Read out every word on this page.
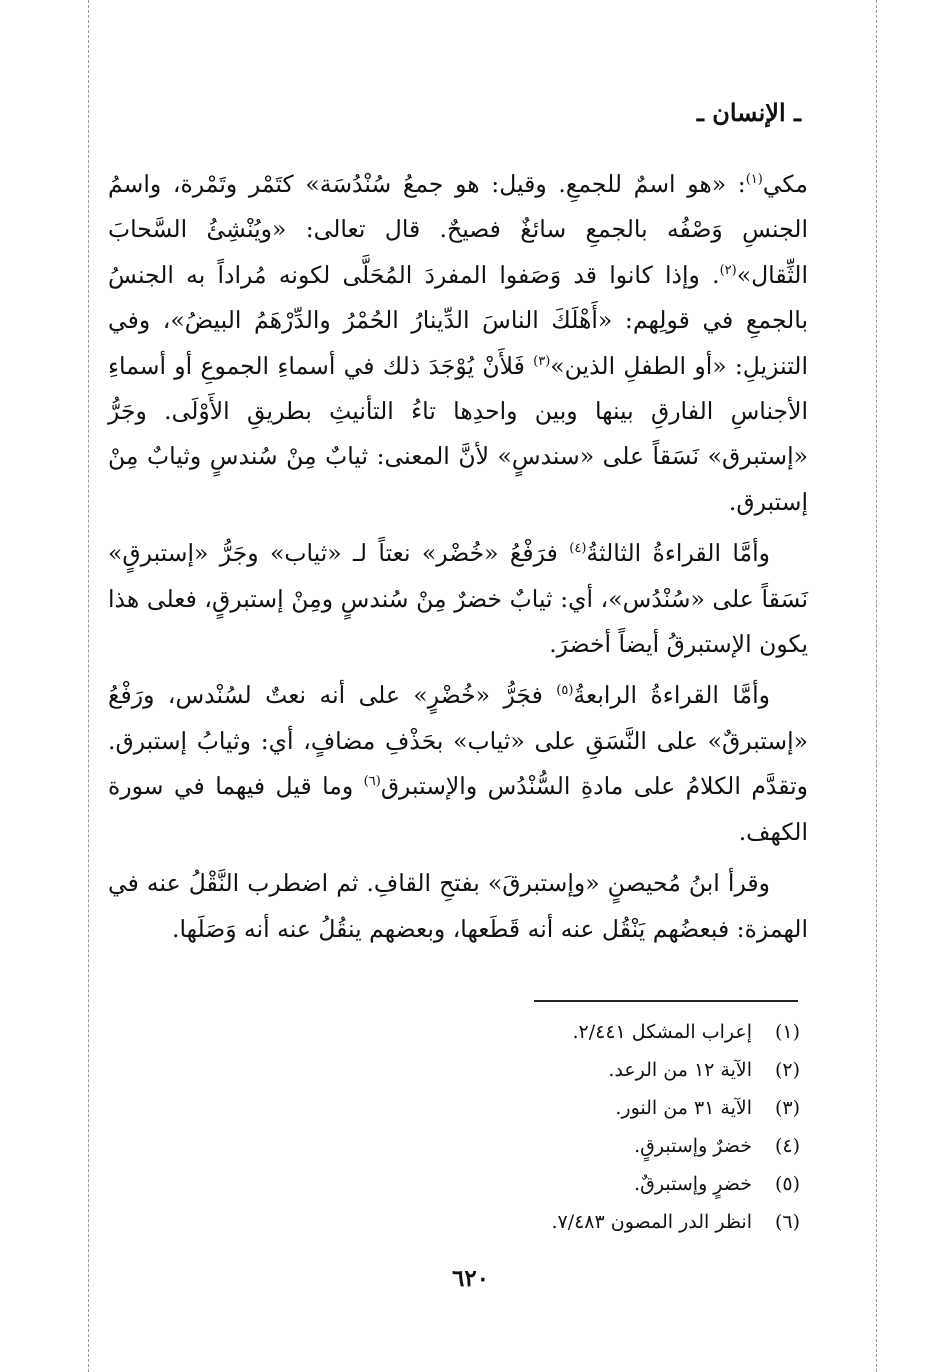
ـ الإنسان ـ

مكي$^{(١)}$: «هو اسمٌ للجمعِ. وقيل: هو جمعُ سُنْدُسَة» كتَمْر وتَمْرة، واسمُ الجنسِ وَصْفُه بالجمعِ سائغٌ فصيحٌ. قال تعالى: «ويُنْشِئُ السَّحابَ الثِّقال»$^{(٢)}$. وإذا كانوا قد وَصَفوا المفردَ المُحَلَّى لكونه مُراداً به الجنسُ بالجمعِ في قولِهم: «أَهْلَكَ الناسَ الدِّينارُ الحُمْرُ والدِّرْهَمُ البيضُ»، وفي التنزيلِ: «أو الطفلِ الذين»$^{(٣)}$ فَلأَنْ يُوْجَدَ ذلك في أسماءِ الجموعِ أو أسماءِ الأجناسِ الفارقِ بينها وبين واحدِها تاءُ التأنيثِ بطريقِ الأَوْلَى. وجَرُّ «إستبرق» نَسَقاً على «سندسٍ» لأنَّ المعنى: ثيابٌ مِنْ سُندسٍ وثيابٌ مِنْ إستبرق.

وأمَّا القراءةُ الثالثةُ$^{(٤)}$ فرَفْعُ «خُضْر» نعتاً لـ «ثياب» وجَرُّ «إستبرقٍ» نَسَقاً على «سُنْدُس»، أي: ثيابٌ خضرٌ مِنْ سُندسٍ ومِنْ إستبرقٍ، فعلى هذا يكون الإستبرقُ أيضاً أخضرَ.

وأمَّا القراءةُ الرابعةُ$^{(٥)}$ فجَرُّ «خُضْرٍ» على أنه نعتٌ لسُنْدس، ورَفْعُ «إستبرقٌ» على النَّسَقِ على «ثياب» بحَذْفِ مضافٍ، أي: وثيابُ إستبرق. وتقدَّم الكلامُ على مادةِ السُّنْدُس والإستبرق$^{(٦)}$ وما قيل فيهما في سورة الكهف.

وقرأ ابنُ مُحيصنٍ «وإستبرقَ» بفتحِ القافِ. ثم اضطرب النَّقْلُ عنه في الهمزة: فبعضُهم يَنْقُل عنه أنه قَطَعها، وبعضهم ينقُلُ عنه أنه وَصَلَها.

(١)إعراب المشكل ٢/٤٤١.
(٢)الآية ١٢ من الرعد.
(٣)الآية ٣١ من النور.
(٤)خضرٌ وإستبرقٍ.
(٥)خضرٍ وإستبرقٌ.
(٦)انظر الدر المصون ٧/٤٨٣.
٦٢٠
